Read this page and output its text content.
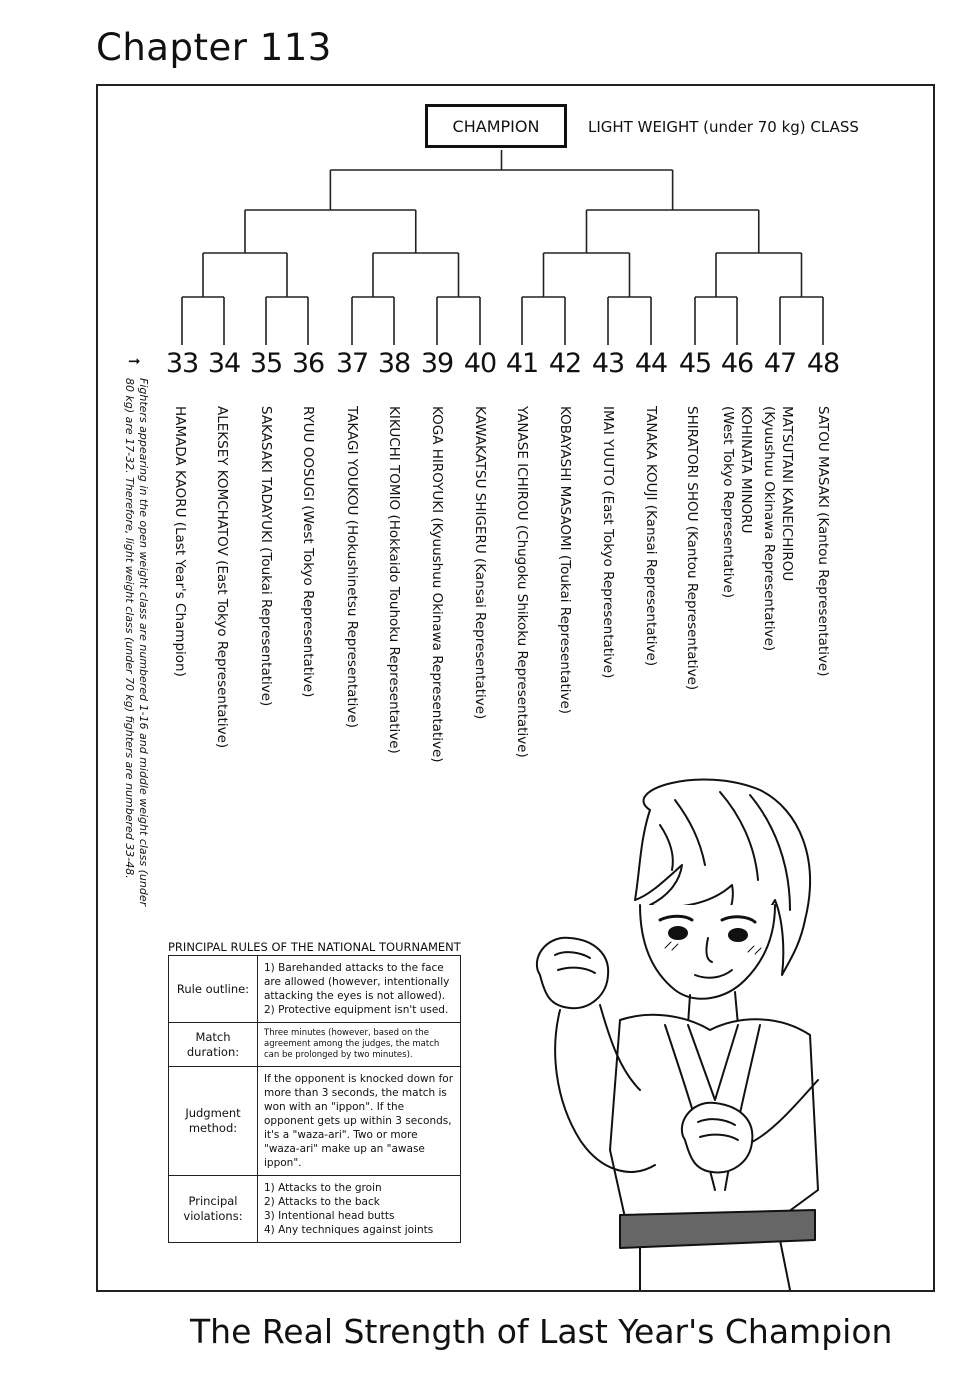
Chapter 113
CHAMPION	LIGHT WEIGHT (under 70 kg) CLASS
➞ 33 34 35 36 37 38 39 40 41 42 43 44 45 46 47 48
Fighters appearing in the open weight class are numbered 1-16 and middle weight class (under
80 kg) are 17-32. Therefore, light weight class (under 70 kg) fighters are numbered 33-48.	HAMADA KAORU (Last Year's Champion) ALEKSEY KOMCHATOV (East Tokyo Representative) SAKASAKI TADAYUKI (Toukai Representative) RYUU OOSUGI (West Tokyo Representative) TAKAGI YOUKOU (Hokushinetsu Representative) KIKUCHI TOMIO (Hokkaido Touhoku Representative) KOGA HIROYUKI (Kyuushuu Okinawa Representative) KAWAKATSU SHIGERU (Kansai Representative) YANASE ICHIROU (Chugoku Shikoku Representative) KOBAYASHI MASAOMI (Toukai Representative) IMAI YUUTO (East Tokyo Representative) TANAKA KOUJI (Kansai Representative) SHIRATORI SHOU (Kantou Representative)	KOHINATA MINORU
(West Tokyo Representative)	MATSUTANI KANEICHIROU
(Kyuushuu Okinawa Representative)	SATOU MASAKI (Kantou Representative)
PRINCIPAL RULES OF THE NATIONAL TOURNAMENT
Rule outline:	1) Barehanded attacks to the face are allowed (however, intentionally attacking the eyes is not allowed).
2) Protective equipment isn't used.

Match duration:	Three minutes (however, based on the agreement among the judges, the match can be prolonged by two minutes).

Judgment method:	If the opponent is knocked down for more than 3 seconds, the match is won with an "ippon". If the opponent gets up within 3 seconds, it's a "waza-ari". Two or more "waza-ari" make up an "awase ippon".

Principal violations:	1) Attacks to the groin
2) Attacks to the back
3) Intentional head butts
4) Any techniques against joints
The Real Strength of Last Year's Champion
